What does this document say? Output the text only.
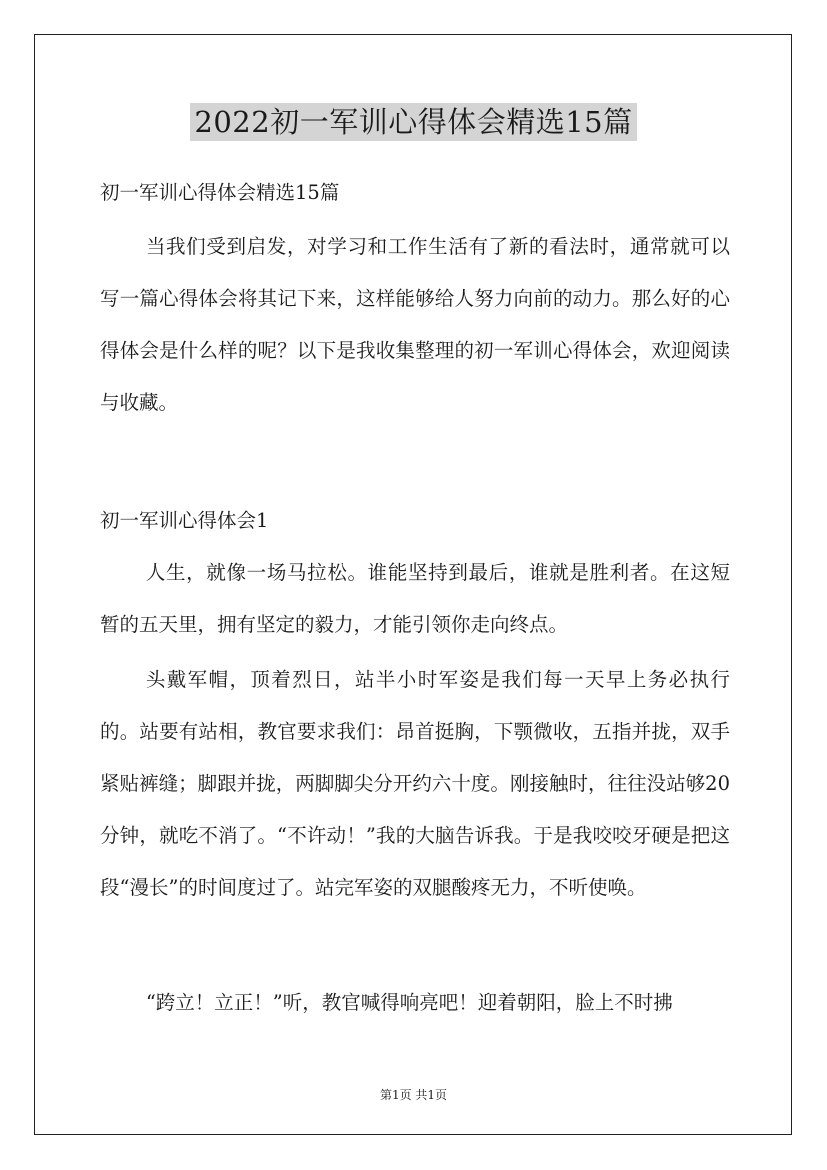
2022初一军训心得体会精选15篇

初一军训心得体会精选15篇

当我们受到启发，对学习和工作生活有了新的看法时，通常就可以写一篇心得体会将其记下来，这样能够给人努力向前的动力。那么好的心得体会是什么样的呢？以下是我收集整理的初一军训心得体会，欢迎阅读与收藏。

初一军训心得体会1

人生，就像一场马拉松。谁能坚持到最后，谁就是胜利者。在这短暂的五天里，拥有坚定的毅力，才能引领你走向终点。

头戴军帽，顶着烈日，站半小时军姿是我们每一天早上务必执行的。站要有站相，教官要求我们：昂首挺胸，下颚微收，五指并拢，双手紧贴裤缝；脚跟并拢，两脚脚尖分开约六十度。刚接触时，往往没站够20分钟，就吃不消了。“不许动！”我的大脑告诉我。于是我咬咬牙硬是把这段“漫长”的时间度过了。站完军姿的双腿酸疼无力，不听使唤。

“跨立！立正！”听，教官喊得响亮吧！迎着朝阳，脸上不时拂

第1页 共1页
